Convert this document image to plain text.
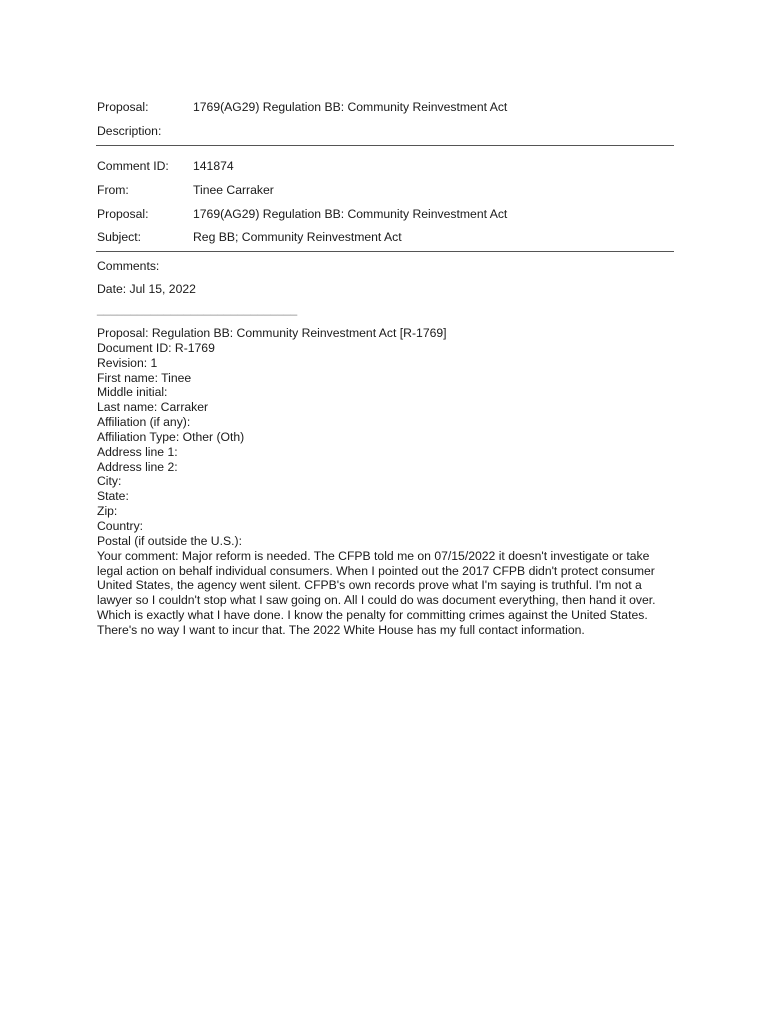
Proposal:	1769(AG29) Regulation BB: Community Reinvestment Act
Description:
Comment ID: 141874
From:	Tinee Carraker
Proposal:	1769(AG29) Regulation BB: Community Reinvestment Act
Subject:	Reg BB; Community Reinvestment Act
Comments:
Date: Jul 15, 2022
______________________________
Proposal: Regulation BB: Community Reinvestment Act [R-1769]
Document ID: R-1769
Revision: 1
First name: Tinee
Middle initial:
Last name: Carraker
Affiliation (if any):
Affiliation Type: Other (Oth)
Address line 1:
Address line 2:
City:
State:
Zip:
Country:
Postal (if outside the U.S.):
Your comment: Major reform is needed. The CFPB told me on 07/15/2022 it doesn't investigate or take legal action on behalf individual consumers. When I pointed out the 2017 CFPB didn't protect consumer United States, the agency went silent. CFPB's own records prove what I'm saying is truthful. I'm not a lawyer so I couldn't stop what I saw going on. All I could do was document everything, then hand it over. Which is exactly what I have done. I know the penalty for committing crimes against the United States. There's no way I want to incur that. The 2022 White House has my full contact information.
